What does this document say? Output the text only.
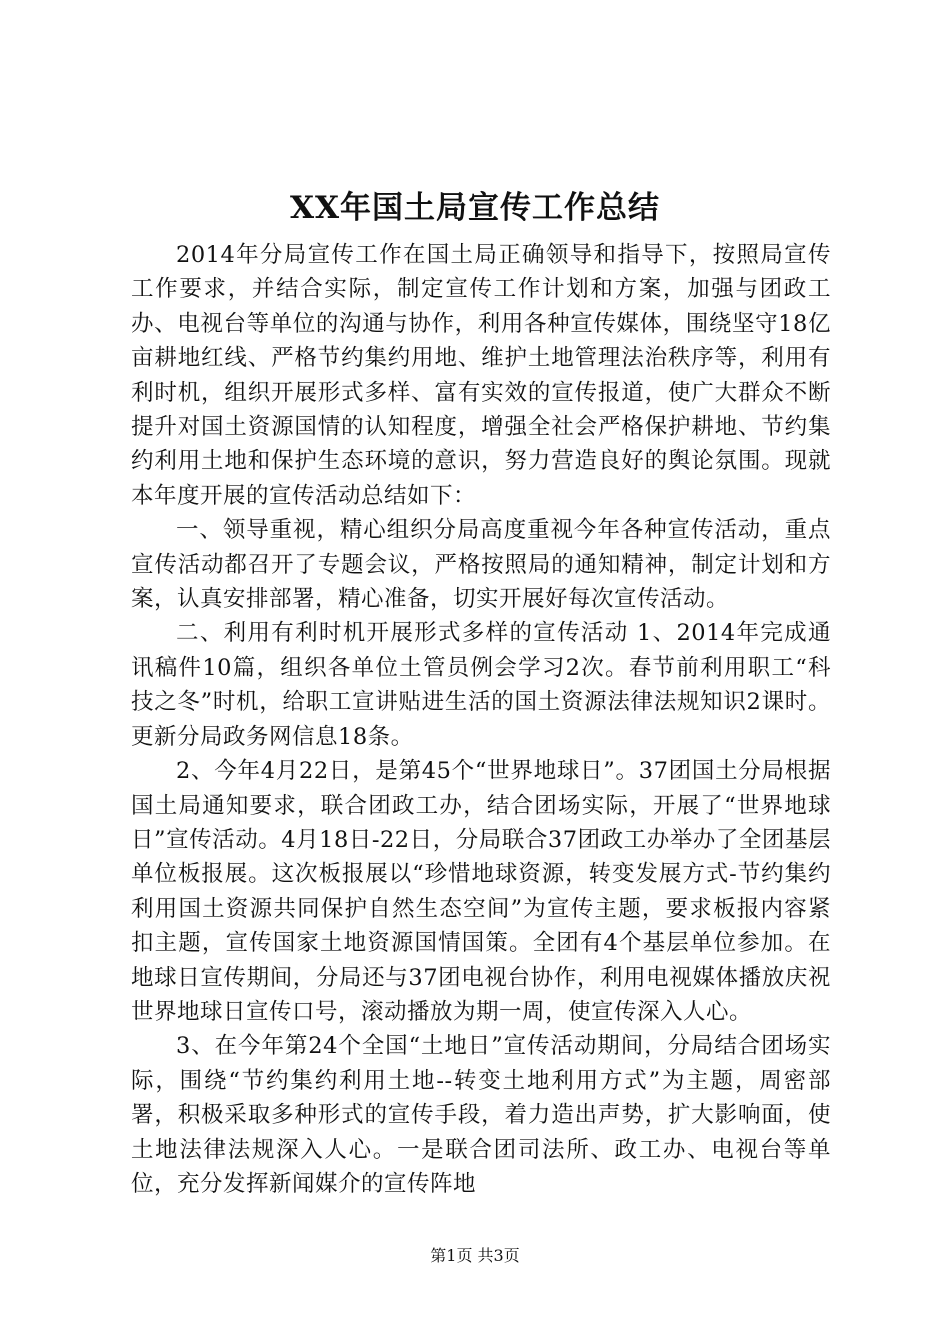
XX年国土局宣传工作总结

2014年分局宣传工作在国土局正确领导和指导下，按照局宣传工作要求，并结合实际，制定宣传工作计划和方案，加强与团政工办、电视台等单位的沟通与协作，利用各种宣传媒体，围绕坚守18亿亩耕地红线、严格节约集约用地、维护土地管理法治秩序等，利用有利时机，组织开展形式多样、富有实效的宣传报道，使广大群众不断提升对国土资源国情的认知程度，增强全社会严格保护耕地、节约集约利用土地和保护生态环境的意识，努力营造良好的舆论氛围。现就本年度开展的宣传活动总结如下：

一、领导重视，精心组织分局高度重视今年各种宣传活动，重点宣传活动都召开了专题会议，严格按照局的通知精神，制定计划和方案，认真安排部署，精心准备，切实开展好每次宣传活动。

二、利用有利时机开展形式多样的宣传活动 1、2014年完成通讯稿件10篇，组织各单位土管员例会学习2次。春节前利用职工“科技之冬”时机，给职工宣讲贴进生活的国土资源法律法规知识2课时。更新分局政务网信息18条。

2、今年4月22日，是第45个“世界地球日”。37团国土分局根据国土局通知要求，联合团政工办，结合团场实际，开展了“世界地球日”宣传活动。4月18日-22日，分局联合37团政工办举办了全团基层单位板报展。这次板报展以“珍惜地球资源，转变发展方式-节约集约利用国土资源共同保护自然生态空间”为宣传主题，要求板报内容紧扣主题，宣传国家土地资源国情国策。全团有4个基层单位参加。在地球日宣传期间，分局还与37团电视台协作，利用电视媒体播放庆祝世界地球日宣传口号，滚动播放为期一周，使宣传深入人心。

3、在今年第24个全国“土地日”宣传活动期间，分局结合团场实际，围绕“节约集约利用土地--转变土地利用方式”为主题，周密部署，积极采取多种形式的宣传手段，着力造出声势，扩大影响面，使土地法律法规深入人心。一是联合团司法所、政工办、电视台等单位，充分发挥新闻媒介的宣传阵地

第1页 共3页
